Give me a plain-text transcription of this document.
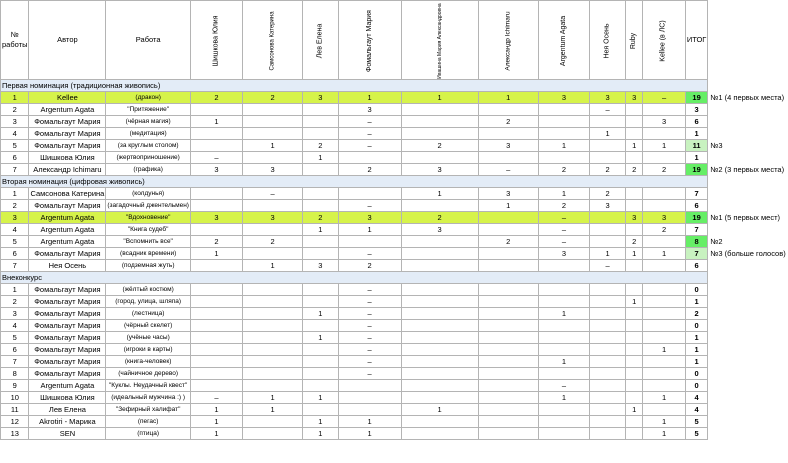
№ работы	Автор	Работа	Шишкова Юлия	Самсонова Катерина	Лев Елена	Фомальгаут Мария	Ивашина Мария Александровна	Александр Ichimaru	Argentum Agata	Нея Осень	Ruby	Kellee (в ЛС)	ИТОГ	
Первая номинация (традиционная живопись)														
1	Kellee	(дракон)	2	2	3	1	1	1	3	3	3	–	19	№1 (4 первых места)
2	Argentum Agata	"Притяжение"				3				–			3	
3	Фомальгаут Мария	(чёрная магия)	1			–		2				3	6	
4	Фомальгаут Мария	(медитация)				–				1			1	
5	Фомальгаут Мария	(за круглым столом)		1	2	–	2	3	1		1	1	11	№3
6	Шишкова Юлия	(жертвоприношение)	–		1								1	
7	Александр Ichimaru	(графика)	3	3		2	3	–	2	2	2	2	19	№2 (3 первых места)
Вторая номинация (цифровая живопись)														
1	Самсонова Катерина	(колдунья)		–			1	3	1	2			7	
2	Фомальгаут Мария	(загадочный джентельмен)				–		1	2	3			6	
3	Argentum Agata	"Вдохновение"	3	3	2	3	2		–		3	3	19	№1 (5 первых мест)
4	Argentum Agata	"Книга судеб"			1	1	3		–			2	7	
5	Argentum Agata	"Вспомнить все"	2	2				2	–		2		8	№2
6	Фомальгаут Мария	(всадник времени)	1			–			3	1	1	1	7	№3 (больше голосов)
7	Нея Осень	(подземная жуть)		1	3	2				–			6	
Внеконкурс														
1	Фомальгаут Мария	(жёлтый костюм)				–							0	
2	Фомальгаут Мария	(город, улица, шляпа)				–					1		1	
3	Фомальгаут Мария	(лестница)			1	–			1				2	
4	Фомальгаут Мария	(чёрный скелет)				–							0	
5	Фомальгаут Мария	(учёные часы)			1	–							1	
6	Фомальгаут Мария	(игроки в карты)				–						1	1	
7	Фомальгаут Мария	(книга-человек)				–			1				1	
8	Фомальгаут Мария	(чайничное дерево)				–							0	
9	Argentum Agata	"Куклы. Неудачный квест"							–				0	
10	Шишкова Юлия	(идеальный мужчина :) )	–	1	1				1			1	4	
11	Лев Елена	"Зефирный халифат"	1	1			1				1		4	
12	Akrotiri - Марика	(пегас)	1		1	1						1	5	
13	SEN	(птица)	1		1	1						1	5	
